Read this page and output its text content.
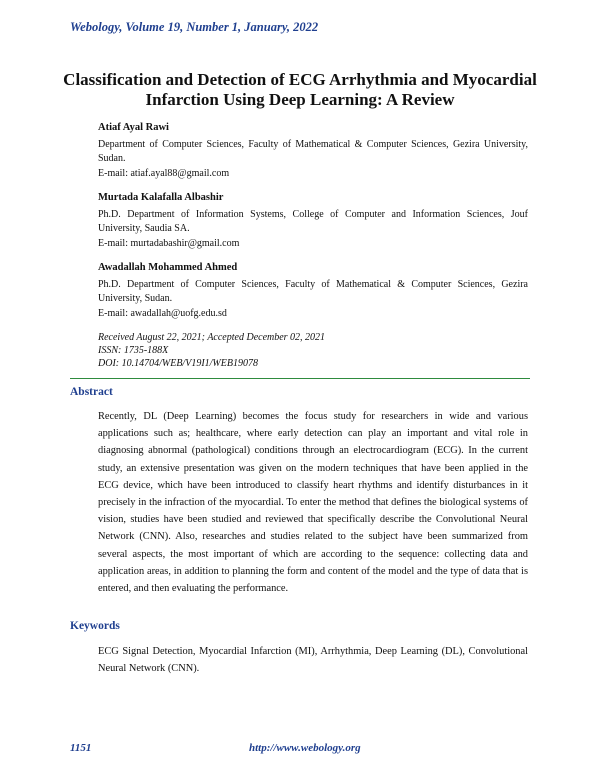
Webology, Volume 19, Number 1, January, 2022
Classification and Detection of ECG Arrhythmia and Myocardial
Infarction Using Deep Learning: A Review
Atiaf Ayal Rawi
Department of Computer Sciences, Faculty of Mathematical & Computer Sciences, Gezira University, Sudan.
E-mail: atiaf.ayal88@gmail.com
Murtada Kalafalla Albashir
Ph.D. Department of Information Systems, College of Computer and Information Sciences, Jouf University, Saudia SA.
E-mail: murtadabashir@gmail.com
Awadallah Mohammed Ahmed
Ph.D. Department of Computer Sciences, Faculty of Mathematical & Computer Sciences, Gezira University, Sudan.
E-mail: awadallah@uofg.edu.sd
Received August 22, 2021; Accepted December 02, 2021
ISSN: 1735-188X
DOI: 10.14704/WEB/V19I1/WEB19078
Abstract
Recently, DL (Deep Learning) becomes the focus study for researchers in wide and various applications such as; healthcare, where early detection can play an important and vital role in diagnosing abnormal (pathological) conditions through an electrocardiogram (ECG). In the current study, an extensive presentation was given on the modern techniques that have been applied in the ECG device, which have been introduced to classify heart rhythms and identify disturbances in it precisely in the infraction of the myocardial. To enter the method that defines the biological systems of vision, studies have been studied and reviewed that specifically describe the Convolutional Neural Network (CNN). Also, researches and studies related to the subject have been summarized from several aspects, the most important of which are according to the sequence: collecting data and application areas, in addition to planning the form and content of the model and the type of data that is entered, and then evaluating the performance.
Keywords
ECG Signal Detection, Myocardial Infarction (MI), Arrhythmia, Deep Learning (DL), Convolutional Neural Network (CNN).
1151	http://www.webology.org
